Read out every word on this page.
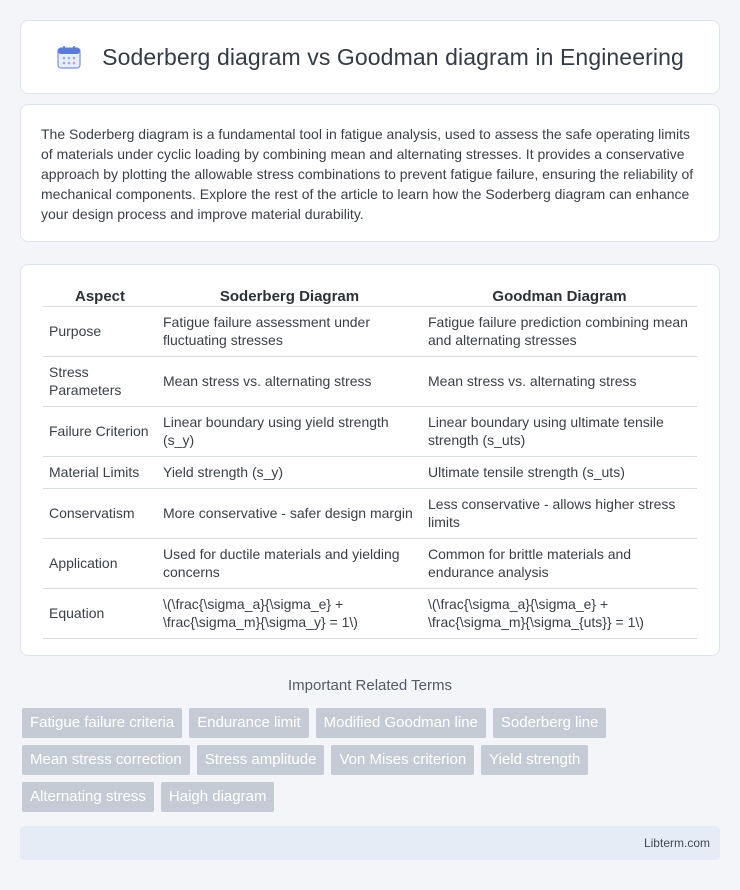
Soderberg diagram vs Goodman diagram in Engineering

The Soderberg diagram is a fundamental tool in fatigue analysis, used to assess the safe operating limits of materials under cyclic loading by combining mean and alternating stresses. It provides a conservative approach by plotting the allowable stress combinations to prevent fatigue failure, ensuring the reliability of mechanical components. Explore the rest of the article to learn how the Soderberg diagram can enhance your design process and improve material durability.

Aspect	Soderberg Diagram	Goodman Diagram
Purpose	Fatigue failure assessment under fluctuating stresses	Fatigue failure prediction combining mean and alternating stresses
Stress Parameters	Mean stress vs. alternating stress	Mean stress vs. alternating stress
Failure Criterion	Linear boundary using yield strength (s_y)	Linear boundary using ultimate tensile strength (s_uts)
Material Limits	Yield strength (s_y)	Ultimate tensile strength (s_uts)
Conservatism	More conservative - safer design margin	Less conservative - allows higher stress limits
Application	Used for ductile materials and yielding concerns	Common for brittle materials and endurance analysis
Equation	\(\frac{\sigma_a}{\sigma_e} + \frac{\sigma_m}{\sigma_y} = 1\)	\(\frac{\sigma_a}{\sigma_e} + \frac{\sigma_m}{\sigma_{uts}} = 1\)
Important Related Terms
Fatigue failure criteria	Endurance limit	Modified Goodman line	Soderberg line
Mean stress correction	Stress amplitude	Von Mises criterion	Yield strength
Alternating stress	Haigh diagram
Libterm.com
